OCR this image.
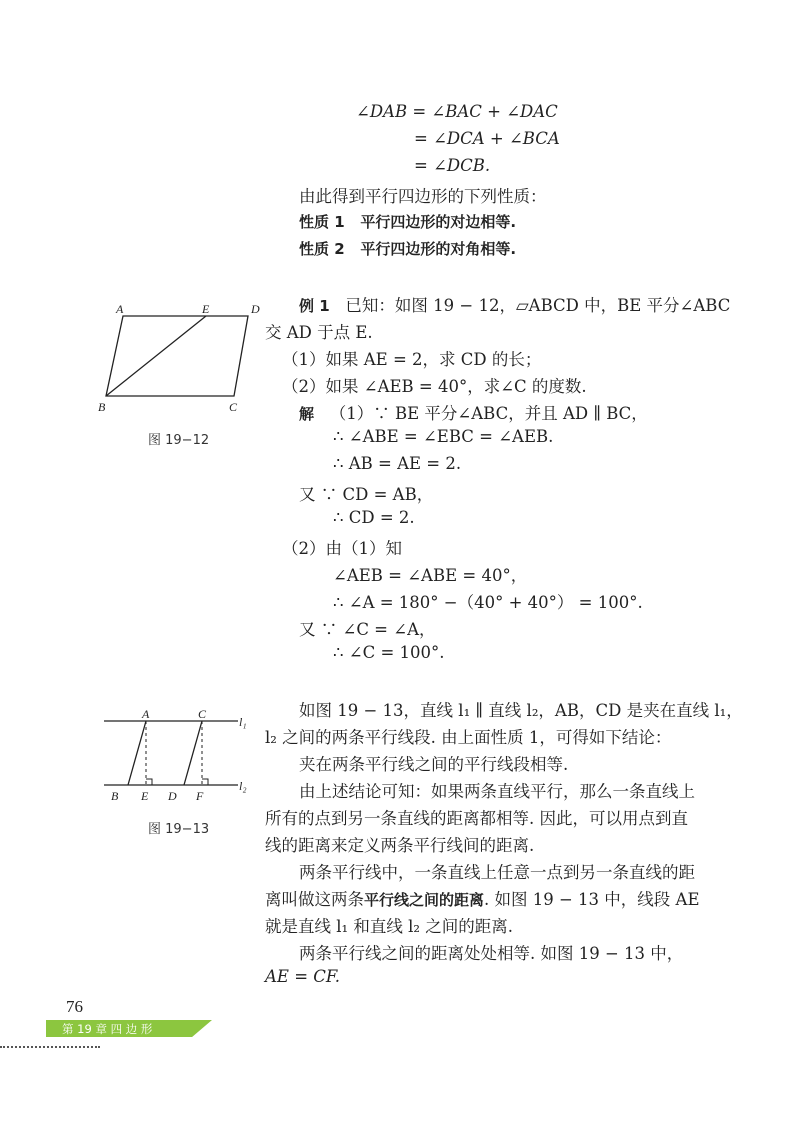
∠DAB = ∠BAC + ∠DAC
= ∠DCA + ∠BCA
= ∠DCB.
由此得到平行四边形的下列性质：
性质 1 平行四边形的对边相等.
性质 2 平行四边形的对角相等.
A	E	D
B	C
图 19−12
例 1 已知：如图 19 − 12，▱ABCD 中，BE 平分∠ABC
交 AD 于点 E.
（1）如果 AE = 2，求 CD 的长；
（2）如果 ∠AEB = 40°，求∠C 的度数.
解 （1）∵ BE 平分∠ABC，并且 AD ∥ BC，
∴ ∠ABE = ∠EBC = ∠AEB.
∴ AB = AE = 2.
又 ∵ CD = AB，
∴ CD = 2.
（2）由（1）知
∠AEB = ∠ABE = 40°，
∴ ∠A = 180° −（40° + 40°） = 100°.
又 ∵ ∠C = ∠A，
∴ ∠C = 100°.
A	C
l₁
B E D F
l₂
图 19−13
如图 19 − 13，直线 l₁ ∥ 直线 l₂，AB，CD 是夹在直线 l₁，
l₂ 之间的两条平行线段. 由上面性质 1，可得如下结论：
夹在两条平行线之间的平行线段相等.
由上述结论可知：如果两条直线平行，那么一条直线上
所有的点到另一条直线的距离都相等. 因此，可以用点到直
线的距离来定义两条平行线间的距离.
两条平行线中，一条直线上任意一点到另一条直线的距
离叫做这两条平行线之间的距离. 如图 19 − 13 中，线段 AE
就是直线 l₁ 和直线 l₂ 之间的距离.
两条平行线之间的距离处处相等. 如图 19 − 13 中，
AE = CF.
76
第 19 章 四 边 形
